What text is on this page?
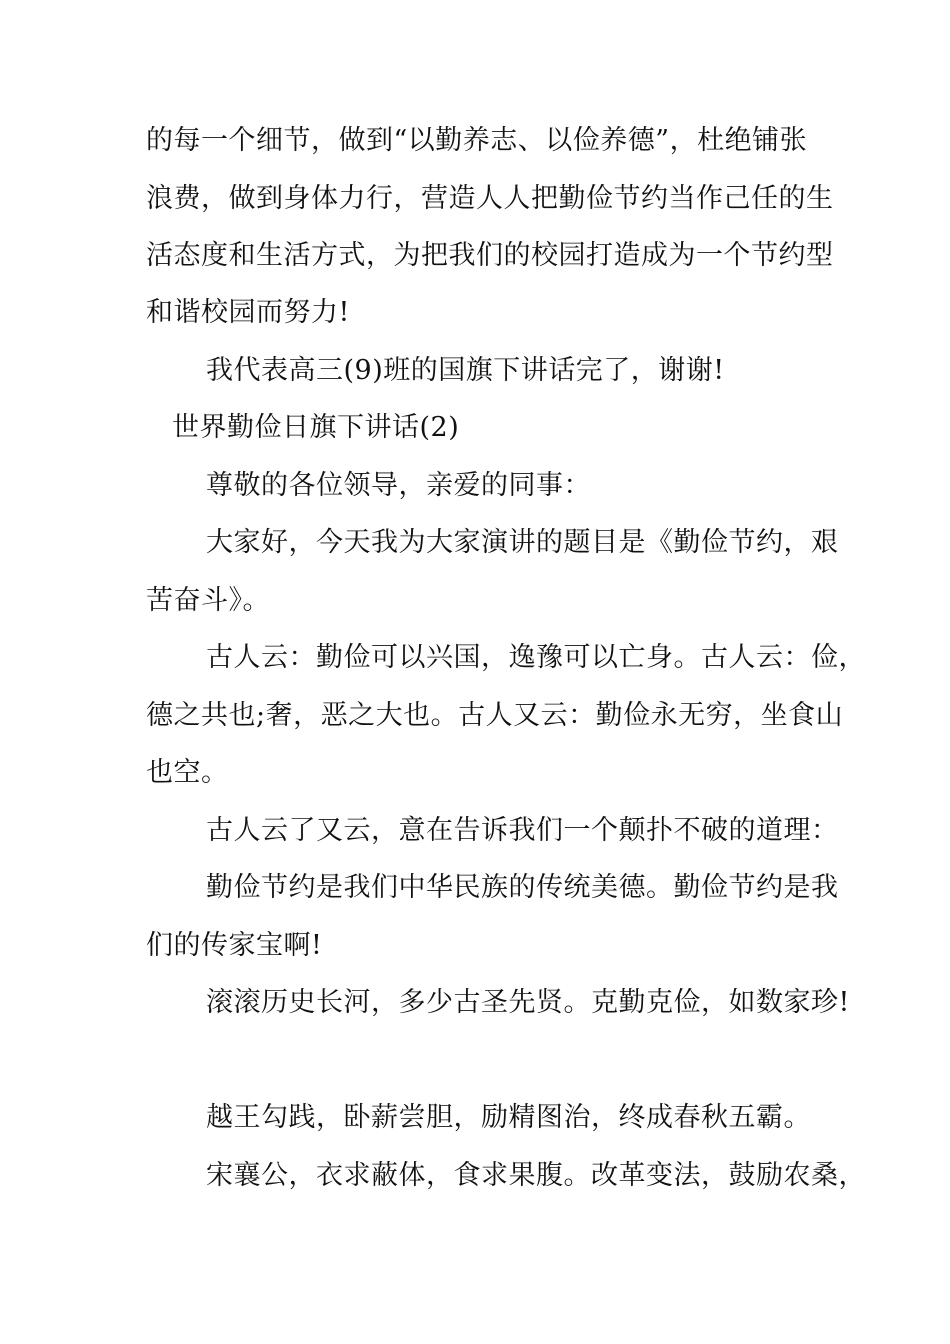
的每一个细节，做到“以勤养志、以俭养德”，杜绝铺张
浪费，做到身体力行，营造人人把勤俭节约当作己任的生
活态度和生活方式，为把我们的校园打造成为一个节约型
和谐校园而努力!
我代表高三(9)班的国旗下讲话完了，谢谢!
世界勤俭日旗下讲话(2)
尊敬的各位领导，亲爱的同事：
大家好，今天我为大家演讲的题目是《勤俭节约，艰
苦奋斗》。
古人云：勤俭可以兴国，逸豫可以亡身。古人云：俭，
德之共也;奢，恶之大也。古人又云：勤俭永无穷，坐食山
也空。
古人云了又云，意在告诉我们一个颠扑不破的道理：
勤俭节约是我们中华民族的传统美德。勤俭节约是我
们的传家宝啊!
滚滚历史长河，多少古圣先贤。克勤克俭，如数家珍!
越王勾践，卧薪尝胆，励精图治，终成春秋五霸。
宋襄公，衣求蔽体，食求果腹。改革变法，鼓励农桑，
